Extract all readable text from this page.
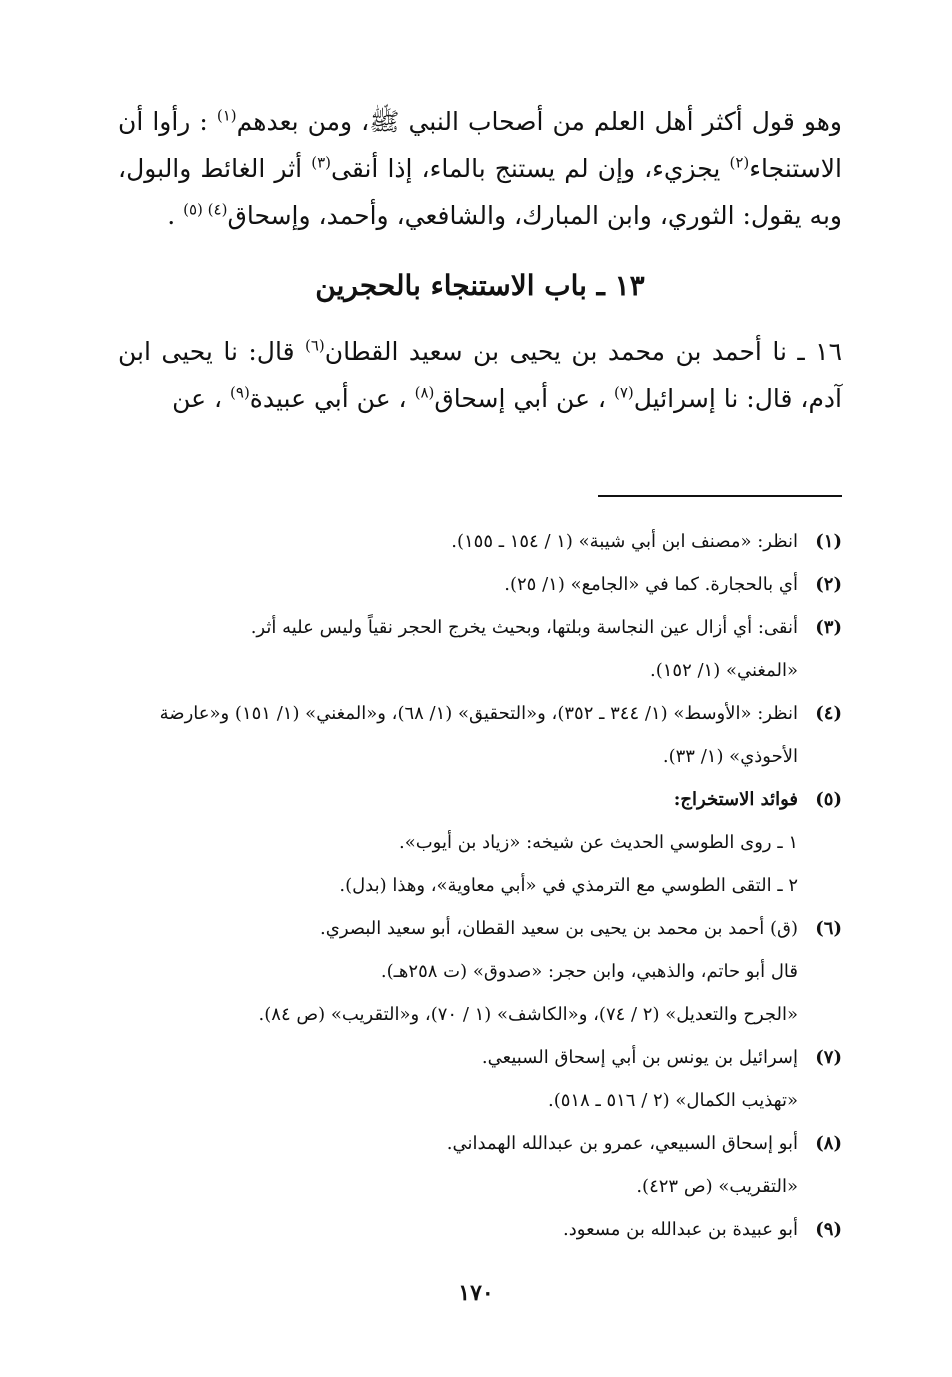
وهو قول أكثر أهل العلم من أصحاب النبي ﷺ، ومن بعدهم$^{(١)}$ : رأوا أن الاستنجاء$^{(٢)}$ يجزيء، وإن لم يستنج بالماء، إذا أنقى$^{(٣)}$ أثر الغائط والبول، وبه يقول: الثوري، وابن المبارك، والشافعي، وأحمد، وإسحاق$^{(٤) (٥)}$ .

١٣ ـ باب الاستنجاء بالحجرين

١٦ ـ نا أحمد بن محمد بن يحيى بن سعيد القطان$^{(٦)}$ قال: نا يحيى ابن آدم، قال: نا إسرائيل$^{(٧)}$ ، عن أبي إسحاق$^{(٨)}$ ، عن أبي عبيدة$^{(٩)}$ ، عن

(١)
انظر: «مصنف ابن أبي شيبة» (١ / ١٥٤ ـ ١٥٥).
(٢)
أي بالحجارة. كما في «الجامع» (١/ ٢٥).
(٣)
أنقى: أي أزال عين النجاسة وبلتها، وبحيث يخرج الحجر نقياً وليس عليه أثر.
«المغني» (١/ ١٥٢).
(٤)
انظر: «الأوسط» (١/ ٣٤٤ ـ ٣٥٢)، و«التحقيق» (١/ ٦٨)، و«المغني» (١/ ١٥١) و«عارضة الأحوذي» (١/ ٣٣).
(٥)
فوائد الاستخراج:
١ ـ روى الطوسي الحديث عن شيخه: «زياد بن أيوب».
٢ ـ التقى الطوسي مع الترمذي في «أبي معاوية»، وهذا (بدل).
(٦)
(ق) أحمد بن محمد بن يحيى بن سعيد القطان، أبو سعيد البصري.
قال أبو حاتم، والذهبي، وابن حجر: «صدوق» (ت ٢٥٨هـ).
«الجرح والتعديل» (٢ / ٧٤)، و«الكاشف» (١ / ٧٠)، و«التقريب» (ص ٨٤).
(٧)
إسرائيل بن يونس بن أبي إسحاق السبيعي.
«تهذيب الكمال» (٢ / ٥١٦ ـ ٥١٨).
(٨)
أبو إسحاق السبيعي، عمرو بن عبدالله الهمداني.
«التقريب» (ص ٤٢٣).
(٩)
أبو عبيدة بن عبدالله بن مسعود.
١٧٠
